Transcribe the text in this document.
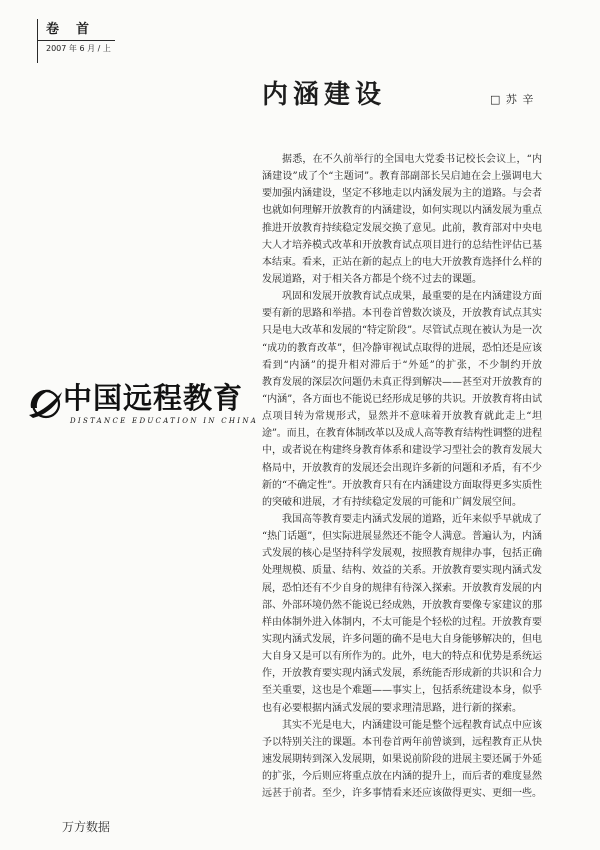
卷　首
2007 年 6 月 / 上
内涵建设	□ 苏 辛
据悉，在不久前举行的全国电大党委书记校长会议上，“内
涵建设”成了个“主题词”。教育部副部长吴启迪在会上强调电大
要加强内涵建设，坚定不移地走以内涵发展为主的道路。与会者
也就如何理解开放教育的内涵建设，如何实现以内涵发展为重点
推进开放教育持续稳定发展交换了意见。此前，教育部对中央电
大人才培养模式改革和开放教育试点项目进行的总结性评估已基
本结束。看来，正站在新的起点上的电大开放教育选择什么样的
发展道路，对于相关各方都是个绕不过去的课题。
巩固和发展开放教育试点成果，最重要的是在内涵建设方面
要有新的思路和举措。本刊卷首曾数次谈及，开放教育试点其实
只是电大改革和发展的“特定阶段”。尽管试点现在被认为是一次
“成功的教育改革”，但冷静审视试点取得的进展，恐怕还是应该
看到“内涵”的提升相对滞后于“外延”的扩张，不少制约开放
教育发展的深层次问题仍未真正得到解决——甚至对开放教育的
“内涵”，各方面也不能说已经形成足够的共识。开放教育将由试
点项目转为常规形式，显然并不意味着开放教育就此走上“坦
途”。而且，在教育体制改革以及成人高等教育结构性调整的进程
中，或者说在构建终身教育体系和建设学习型社会的教育发展大
格局中，开放教育的发展还会出现许多新的问题和矛盾，有不少
新的“不确定性”。开放教育只有在内涵建设方面取得更多实质性
的突破和进展，才有持续稳定发展的可能和广阔发展空间。
我国高等教育要走内涵式发展的道路，近年来似乎早就成了
“热门话题”，但实际进展显然还不能令人满意。普遍认为，内涵
式发展的核心是坚持科学发展观，按照教育规律办事，包括正确
处理规模、质量、结构、效益的关系。开放教育要实现内涵式发
展，恐怕还有不少自身的规律有待深入探索。开放教育发展的内
部、外部环境仍然不能说已经成熟，开放教育要像专家建议的那
样由体制外进入体制内，不太可能是个轻松的过程。开放教育要
实现内涵式发展，许多问题的确不是电大自身能够解决的，但电
大自身又是可以有所作为的。此外，电大的特点和优势是系统运
作，开放教育要实现内涵式发展，系统能否形成新的共识和合力
至关重要，这也是个难题——事实上，包括系统建设本身，似乎
也有必要根据内涵式发展的要求理清思路，进行新的探索。
其实不光是电大，内涵建设可能是整个远程教育试点中应该
予以特别关注的课题。本刊卷首两年前曾谈到，远程教育正从快
速发展期转到深入发展期，如果说前阶段的进展主要还属于外延
的扩张，今后则应将重点放在内涵的提升上，而后者的难度显然
远甚于前者。至少，许多事情看来还应该做得更实、更细一些。
中国远程教育
DISTANCE EDUCATION IN CHINA
万方数据
